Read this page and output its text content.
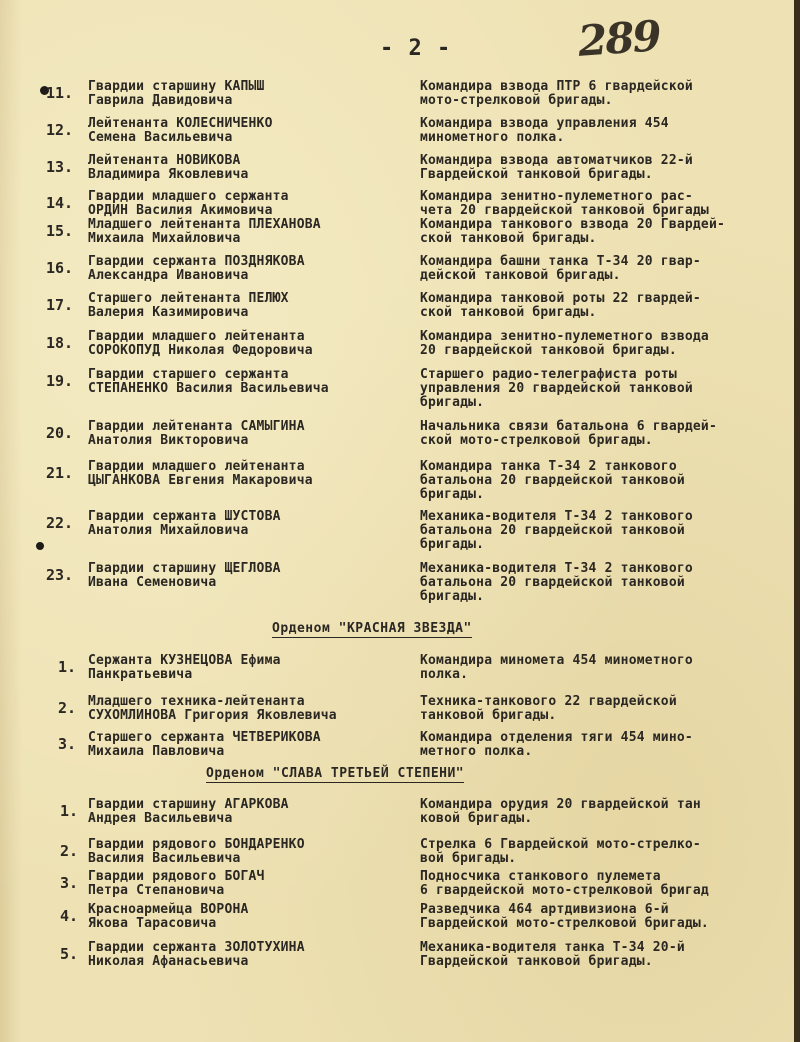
- 2 -	289
11. Гвардии старшину КАПЫШ
Гаврила Давидовича
Командира взвода ПТР 6 гвардейской
мото-стрелковой бригады.
12. Лейтенанта КОЛЕСНИЧЕНКО
Семена Васильевича
Командира взвода управления 454
минометного полка.
13. Лейтенанта НОВИКОВА
Владимира Яковлевича
Командира взвода автоматчиков 22-й
Гвардейской танковой бригады.
14. Гвардии младшего сержанта
ОРДИН Василия Акимовича
Командира зенитно-пулеметного рас-
чета 20 гвардейской танковой бригады
15. Младшего лейтенанта ПЛЕХАНОВА
Михаила Михайловича
Командира танкового взвода 20 Гвардей-
ской танковой бригады.
16. Гвардии сержанта ПОЗДНЯКОВА
Александра Ивановича
Командира башни танка Т-34 20 гвар-
дейской танковой бригады.
17. Старшего лейтенанта ПЕЛЮХ
Валерия Казимировича
Командира танковой роты 22 гвардей-
ской танковой бригады.
18. Гвардии младшего лейтенанта
СОРОКОПУД Николая Федоровича
Командира зенитно-пулеметного взвода
20 гвардейской танковой бригады.
19. Гвардии старшего сержанта
СТЕПАНЕНКО Василия Васильевича
Старшего радио-телеграфиста роты
управления 20 гвардейской танковой
бригады.
20. Гвардии лейтенанта САМЫГИНА
Анатолия Викторовича
Начальника связи батальона 6 гвардей-
ской мото-стрелковой бригады.
21. Гвардии младшего лейтенанта
ЦЫГАНКОВА Евгения Макаровича
Командира танка Т-34 2 танкового
батальона 20 гвардейской танковой
бригады.
22. Гвардии сержанта ШУСТОВА
Анатолия Михайловича
Механика-водителя Т-34 2 танкового
батальона 20 гвардейской танковой
бригады.
23. Гвардии старшину ЩЕГЛОВА
Ивана Семеновича
Механика-водителя Т-34 2 танкового
батальона 20 гвардейской танковой
бригады.
Орденом "КРАСНАЯ ЗВЕЗДА"
1. Сержанта КУЗНЕЦОВА Ефима
Панкратьевича
Командира минометa 454 минометного
полка.
2. Младшего техника-лейтенанта
СУХОМЛИНОВА Григория Яковлевича
Техника-танкового 22 гвардейской
танковой бригады.
3. Старшего сержанта ЧЕТВЕРИКОВА
Михаила Павловича
Командира отделения тяги 454 мино-
метного полка.
Орденом "СЛАВА ТРЕТЬЕЙ СТЕПЕНИ"
1. Гвардии старшину АГАРКОВА
Андрея Васильевича
Командира орудия 20 гвардейской тан
ковой бригады.
2. Гвардии рядового БОНДАРЕНКО
Василия Васильевича
Стрелка 6 Гвардейской мото-стрелко-
вой бригады.
3. Гвардии рядового БОГАЧ
Петра Степановича
Подносчика станкового пулемета
6 гвардейской мото-стрелковой бригад
4. Красноармейца ВОРОНА
Якова Тарасовича
Разведчика 464 артдивизиона 6-й
Гвардейской мото-стрелковой бригады.
5. Гвардии сержанта ЗОЛОТУХИНА
Николая Афанасьевича
Механика-водителя танка Т-34 20-й
Гвардейской танковой бригады.
